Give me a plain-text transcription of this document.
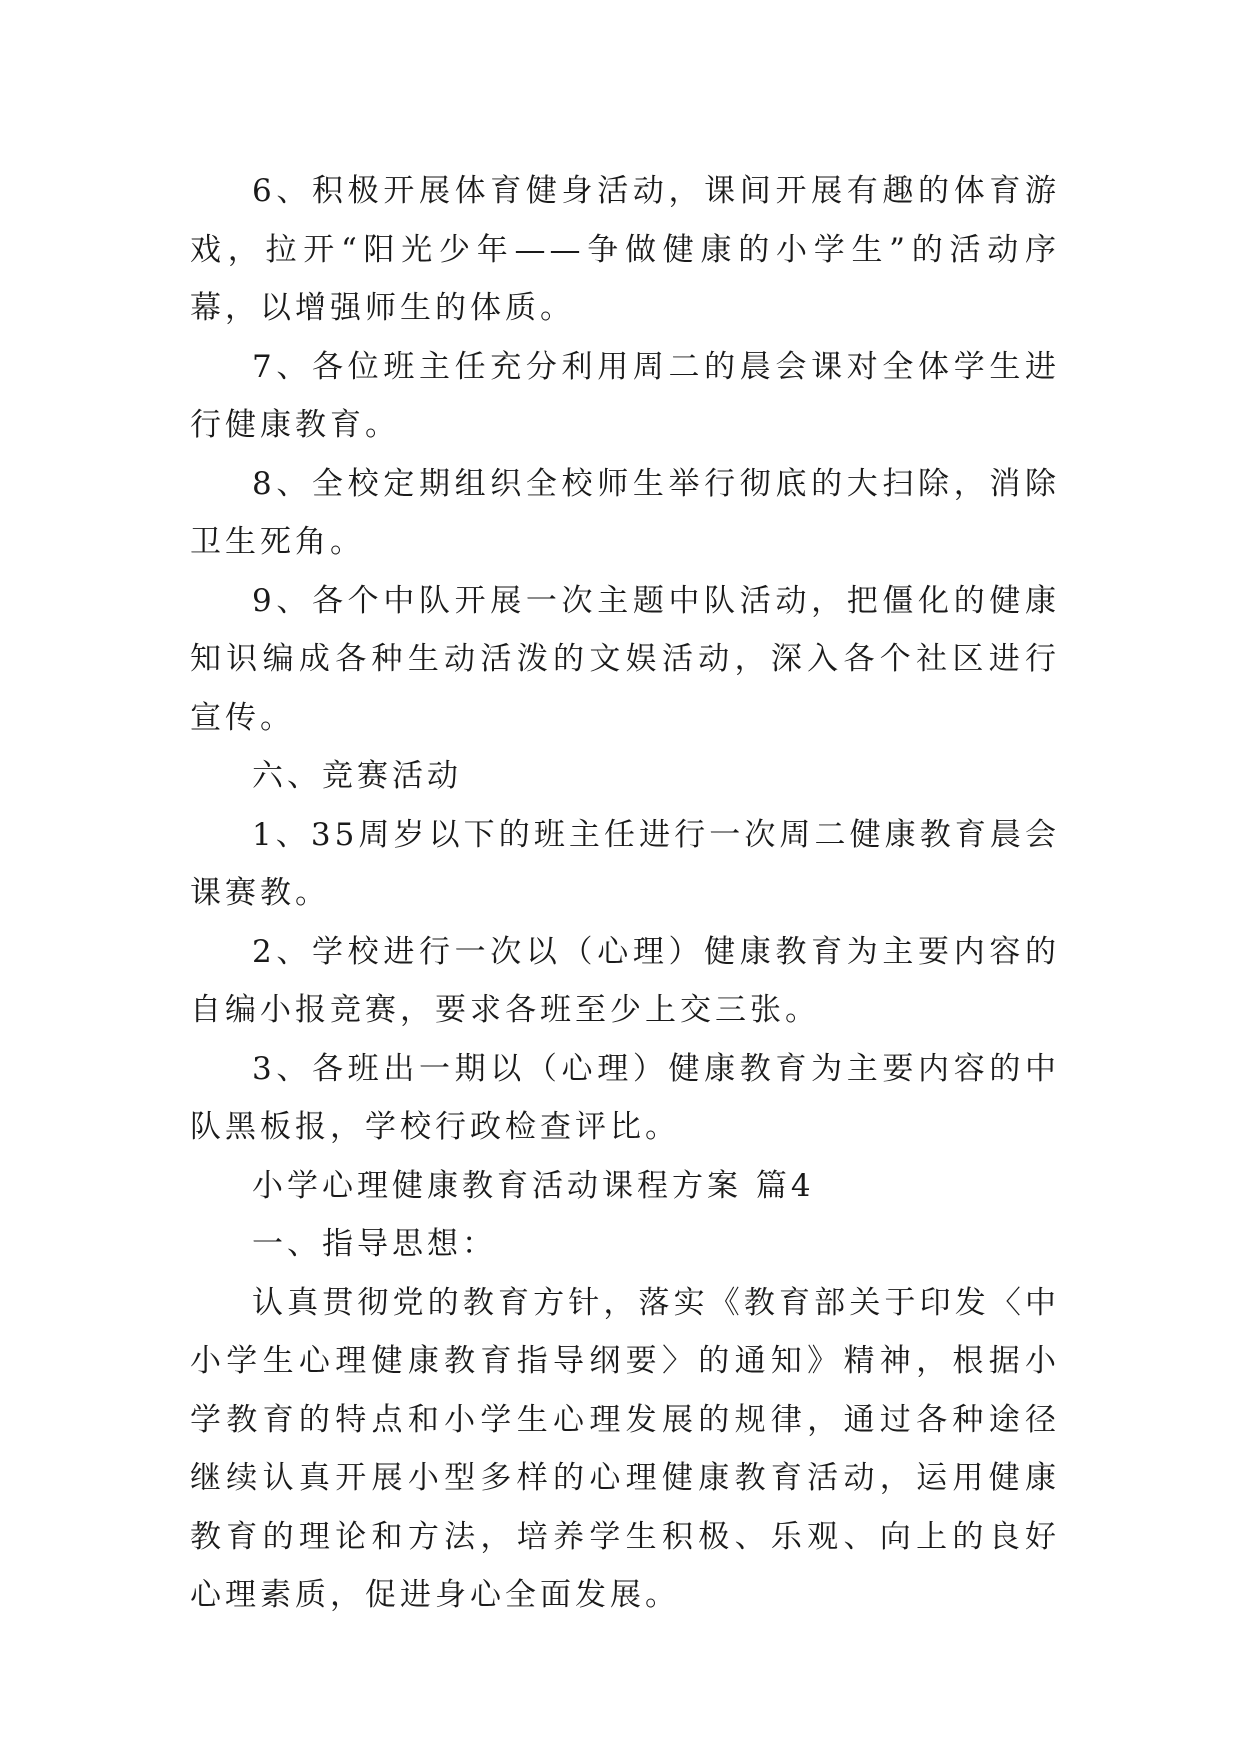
6、积极开展体育健身活动，课间开展有趣的体育游戏，拉开“阳光少年——争做健康的小学生”的活动序幕，以增强师生的体质。

7、各位班主任充分利用周二的晨会课对全体学生进行健康教育。

8、全校定期组织全校师生举行彻底的大扫除，消除卫生死角。

9、各个中队开展一次主题中队活动，把僵化的健康知识编成各种生动活泼的文娱活动，深入各个社区进行宣传。

六、竞赛活动

1、35周岁以下的班主任进行一次周二健康教育晨会课赛教。

2、学校进行一次以（心理）健康教育为主要内容的自编小报竞赛，要求各班至少上交三张。

3、各班出一期以（心理）健康教育为主要内容的中队黑板报，学校行政检查评比。

小学心理健康教育活动课程方案 篇4

一、指导思想：

认真贯彻党的教育方针，落实《教育部关于印发〈中小学生心理健康教育指导纲要〉的通知》精神，根据小学教育的特点和小学生心理发展的规律，通过各种途径继续认真开展小型多样的心理健康教育活动，运用健康教育的理论和方法，培养学生积极、乐观、向上的良好心理素质，促进身心全面发展。
